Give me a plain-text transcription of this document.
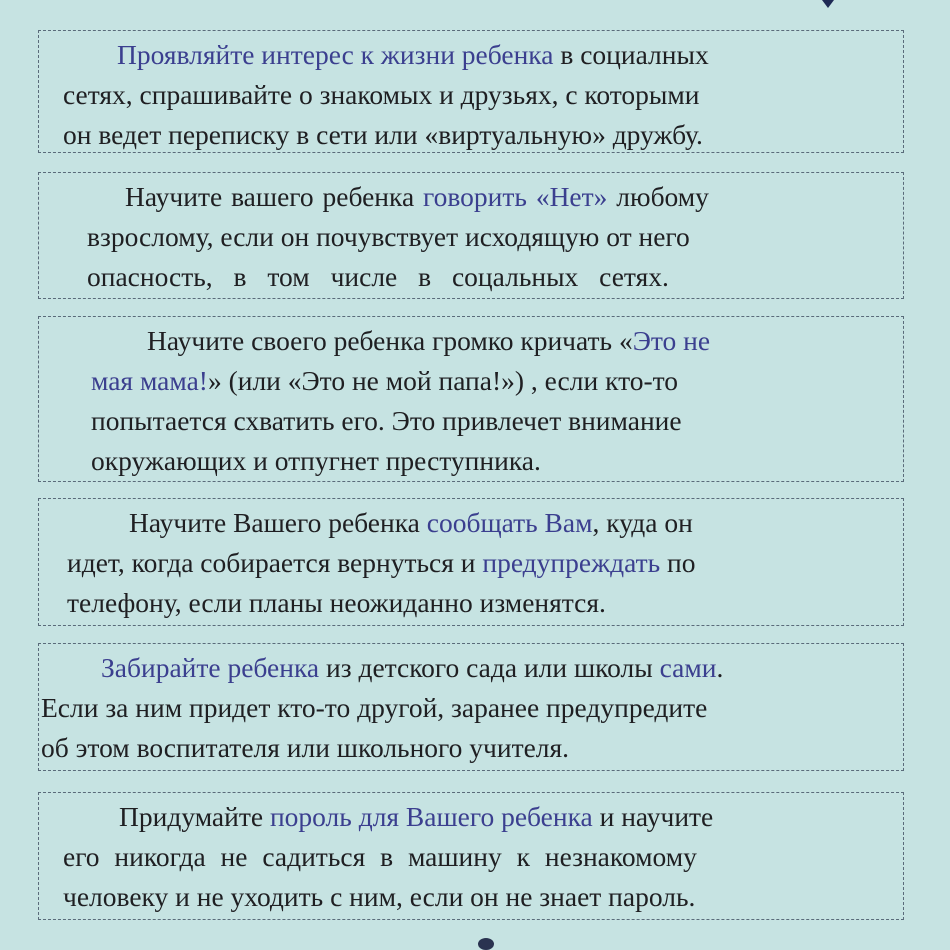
Проявляйте интерес к жизни ребенка в социалных
сетях, спрашивайте о знакомых и друзьях, с которыми
он ведет переписку в сети или «виртуальную» дружбу.

Научите вашего ребенка говорить «Нет» любому
взрослому, если он почувствует исходящую от него
опасность, в том числе в соцальных сетях.

Научите своего ребенка громко кричать «Это не
мая мама!» (или «Это не мой папа!») , если кто-то
попытается схватить его. Это привлечет внимание
окружающих и отпугнет преступника.

Научите Вашего ребенка сообщать Вам, куда он
идет, когда собирается вернуться и предупреждать по
телефону, если планы неожиданно изменятся.

Забирайте ребенка из детского сада или школы сами.
Если за ним придет кто-то другой, заранее предупредите
об этом воспитателя или школьного учителя.

Придумайте пороль для Вашего ребенка и научите
его никогда не садиться в машину к незнакомому
человеку и не уходить с ним, если он не знает пароль.
